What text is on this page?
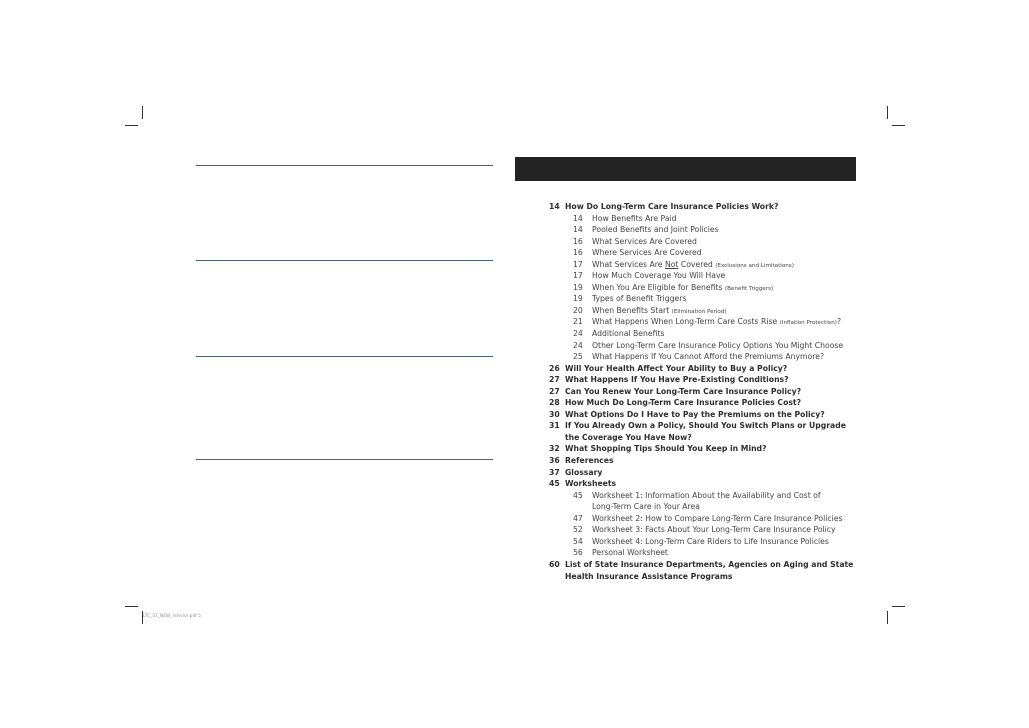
14 How Do Long-Term Care Insurance Policies Work?
14 How Benefits Are Paid
14 Pooled Benefits and Joint Policies
16 What Services Are Covered
16 Where Services Are Covered
17 What Services Are Not Covered (Exclusions and Limitations)
17 How Much Coverage You Will Have
19 When You Are Eligible for Benefits (Benefit Triggers)
19 Types of Benefit Triggers
20 When Benefits Start (Elimination Period)
21 What Happens When Long-Term Care Costs Rise (Inflation Protection)?
24 Additional Benefits
24 Other Long-Term Care Insurance Policy Options You Might Choose
25 What Happens If You Cannot Afford the Premiums Anymore?
26 Will Your Health Affect Your Ability to Buy a Policy?
27 What Happens If You Have Pre-Existing Conditions?
27 Can You Renew Your Long-Term Care Insurance Policy?
28 How Much Do Long-Term Care Insurance Policies Cost?
30 What Options Do I Have to Pay the Premiums on the Policy?
31 If You Already Own a Policy, Should You Switch Plans or Upgrade
the Coverage You Have Now?
32 What Shopping Tips Should You Keep in Mind?
36 References
37 Glossary
45 Worksheets
45 Worksheet 1: Information About the Availability and Cost of
Long-Term Care in Your Area
47 Worksheet 2: How to Compare Long-Term Care Insurance Policies
52 Worksheet 3: Facts About Your Long-Term Care Insurance Policy
54 Worksheet 4: Long-Term Care Riders to Life Insurance Policies
56 Personal Worksheet
60 List of State Insurance Departments, Agencies on Aging and State
Health Insurance Assistance Programs
LTC_07_NEW_Interior.pdf 5
